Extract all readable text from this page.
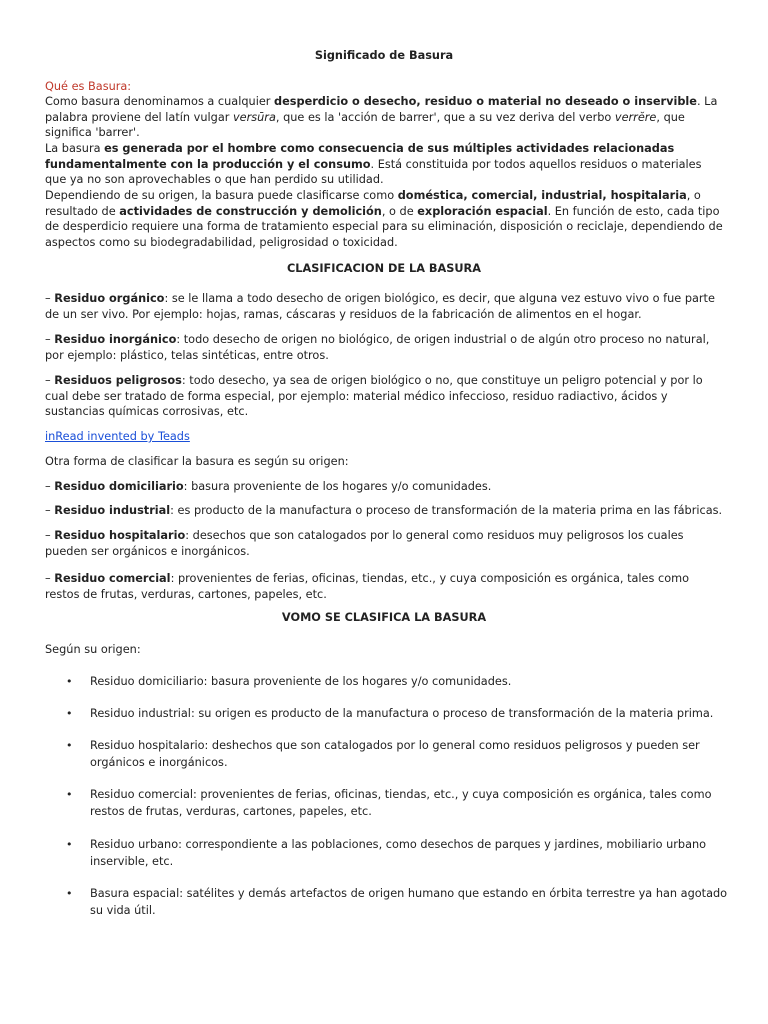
Significado de Basura
Qué es Basura:

Como basura denominamos a cualquier desperdicio o desecho, residuo o material no deseado o inservible. La palabra proviene del latín vulgar versūra, que es la 'acción de barrer', que a su vez deriva del verbo verrĕre, que significa 'barrer'.

La basura es generada por el hombre como consecuencia de sus múltiples actividades relacionadas fundamentalmente con la producción y el consumo. Está constituida por todos aquellos residuos o materiales que ya no son aprovechables o que han perdido su utilidad.

Dependiendo de su origen, la basura puede clasificarse como doméstica, comercial, industrial, hospitalaria, o resultado de actividades de construcción y demolición, o de exploración espacial. En función de esto, cada tipo de desperdicio requiere una forma de tratamiento especial para su eliminación, disposición o reciclaje, dependiendo de aspectos como su biodegradabilidad, peligrosidad o toxicidad.

CLASIFICACION DE LA BASURA

– Residuo orgánico: se le llama a todo desecho de origen biológico, es decir, que alguna vez estuvo vivo o fue parte de un ser vivo. Por ejemplo: hojas, ramas, cáscaras y residuos de la fabricación de alimentos en el hogar.

– Residuo inorgánico: todo desecho de origen no biológico, de origen industrial o de algún otro proceso no natural, por ejemplo: plástico, telas sintéticas, entre otros.

– Residuos peligrosos: todo desecho, ya sea de origen biológico o no, que constituye un peligro potencial y por lo cual debe ser tratado de forma especial, por ejemplo: material médico infeccioso, residuo radiactivo, ácidos y sustancias químicas corrosivas, etc.

inRead invented by Teads
Otra forma de clasificar la basura es según su origen:

– Residuo domiciliario: basura proveniente de los hogares y/o comunidades.

– Residuo industrial: es producto de la manufactura o proceso de transformación de la materia prima en las fábricas.

– Residuo hospitalario: desechos que son catalogados por lo general como residuos muy peligrosos los cuales pueden ser orgánicos e inorgánicos.

– Residuo comercial: provenientes de ferias, oficinas, tiendas, etc., y cuya composición es orgánica, tales como restos de frutas, verduras, cartones, papeles, etc.

VOMO SE CLASIFICA LA BASURA
Según su origen:
• Residuo domiciliario: basura proveniente de los hogares y/o comunidades.
• Residuo industrial: su origen es producto de la manufactura o proceso de transformación de la materia prima.
• Residuo hospitalario: deshechos que son catalogados por lo general como residuos peligrosos y pueden ser orgánicos e inorgánicos.
• Residuo comercial: provenientes de ferias, oficinas, tiendas, etc., y cuya composición es orgánica, tales como restos de frutas, verduras, cartones, papeles, etc.
• Residuo urbano: correspondiente a las poblaciones, como desechos de parques y jardines, mobiliario urbano inservible, etc.
• Basura espacial: satélites y demás artefactos de origen humano que estando en órbita terrestre ya han agotado su vida útil.
